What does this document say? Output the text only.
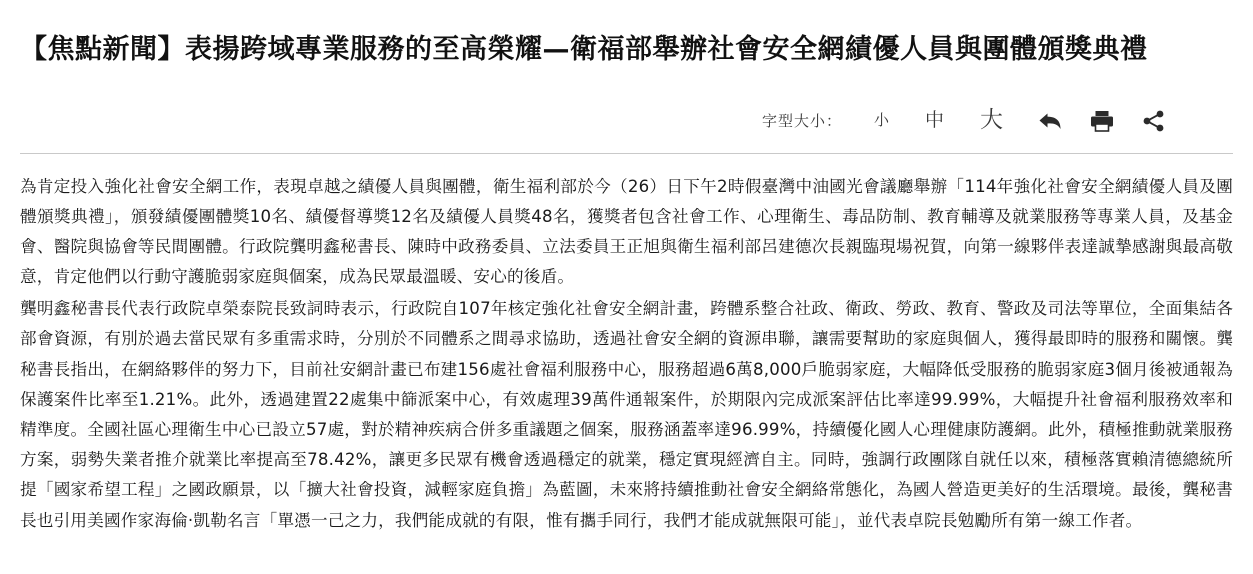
【焦點新聞】表揚跨域專業服務的至高榮耀—衛福部舉辦社會安全網績優人員與團體頒獎典禮
字型大小：	小	中	大

為肯定投入強化社會安全網工作，表現卓越之績優人員與團體，衛生福利部於今（26）日下午2時假臺灣中油國光會議廳舉辦「114年強化社會安全網績優人員及團體頒獎典禮」，頒發績優團體獎10名、績優督導獎12名及績優人員獎48名，獲獎者包含社會工作、心理衛生、毒品防制、教育輔導及就業服務等專業人員，及基金會、醫院與協會等民間團體。行政院龔明鑫秘書長、陳時中政務委員、立法委員王正旭與衛生福利部呂建德次長親臨現場祝賀，向第一線夥伴表達誠摯感謝與最高敬意，肯定他們以行動守護脆弱家庭與個案，成為民眾最溫暖、安心的後盾。

龔明鑫秘書長代表行政院卓榮泰院長致詞時表示，行政院自107年核定強化社會安全網計畫，跨體系整合社政、衛政、勞政、教育、警政及司法等單位，全面集結各部會資源，有別於過去當民眾有多重需求時，分別於不同體系之間尋求協助，透過社會安全網的資源串聯，讓需要幫助的家庭與個人，獲得最即時的服務和關懷。龔秘書長指出，在網絡夥伴的努力下，目前社安網計畫已布建156處社會福利服務中心，服務超過6萬8,000戶脆弱家庭，大幅降低受服務的脆弱家庭3個月後被通報為保護案件比率至1.21%。此外，透過建置22處集中篩派案中心，有效處理39萬件通報案件，於期限內完成派案評估比率達99.99%，大幅提升社會福利服務效率和精準度。全國社區心理衛生中心已設立57處，對於精神疾病合併多重議題之個案，服務涵蓋率達96.99%，持續優化國人心理健康防護網。此外，積極推動就業服務方案，弱勢失業者推介就業比率提高至78.42%，讓更多民眾有機會透過穩定的就業，穩定實現經濟自主。同時，強調行政團隊自就任以來，積極落實賴清德總統所提「國家希望工程」之國政願景，以「擴大社會投資，減輕家庭負擔」為藍圖，未來將持續推動社會安全網絡常態化，為國人營造更美好的生活環境。最後，龔秘書長也引用美國作家海倫·凱勒名言「單憑一己之力，我們能成就的有限，惟有攜手同行，我們才能成就無限可能」，並代表卓院長勉勵所有第一線工作者。
